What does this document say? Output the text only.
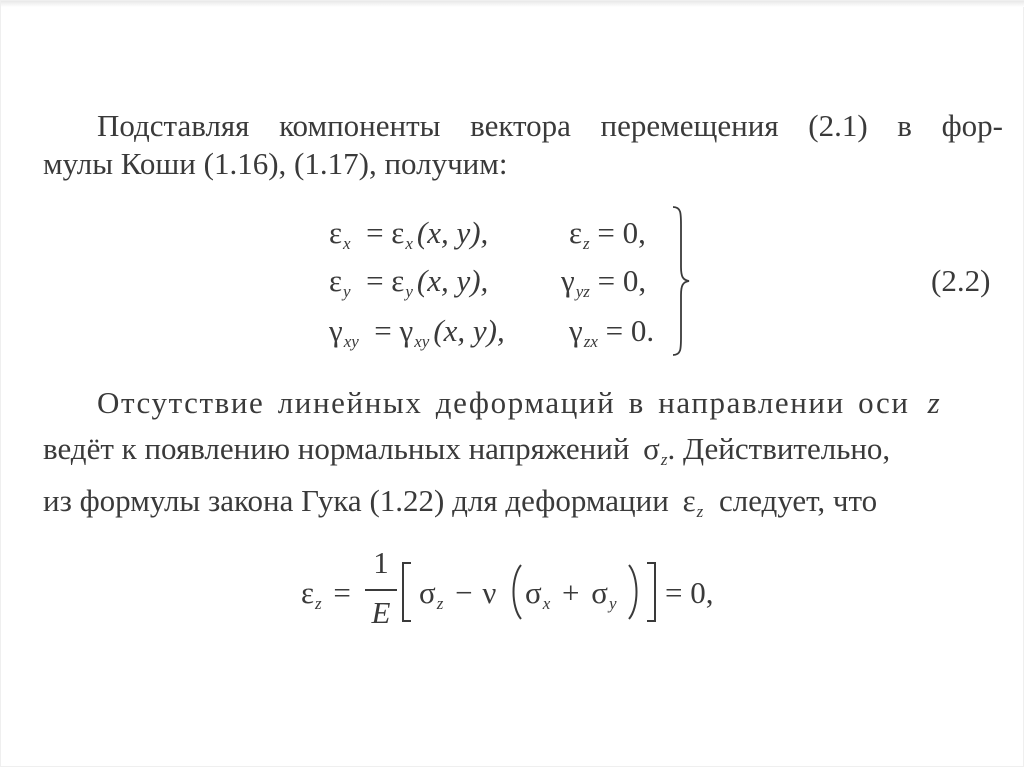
Подставляя компоненты вектора перемещения (2.1) в фор-
мулы Коши (1.16), (1.17), получим:
εx  = εx (x, y),	εz = 0,
εy  = εy (x, y), γyz = 0,
γxy  = γxy (x, y), γzx = 0.
(2.2)
Отсутствие линейных деформаций в направлении оси z
ведёт к появлению нормальных напряжений σz. Действительно,
из формулы закона Гука (1.22) для деформации εz следует, что
εz =
1
E
σz − ν σx + σy = 0,
